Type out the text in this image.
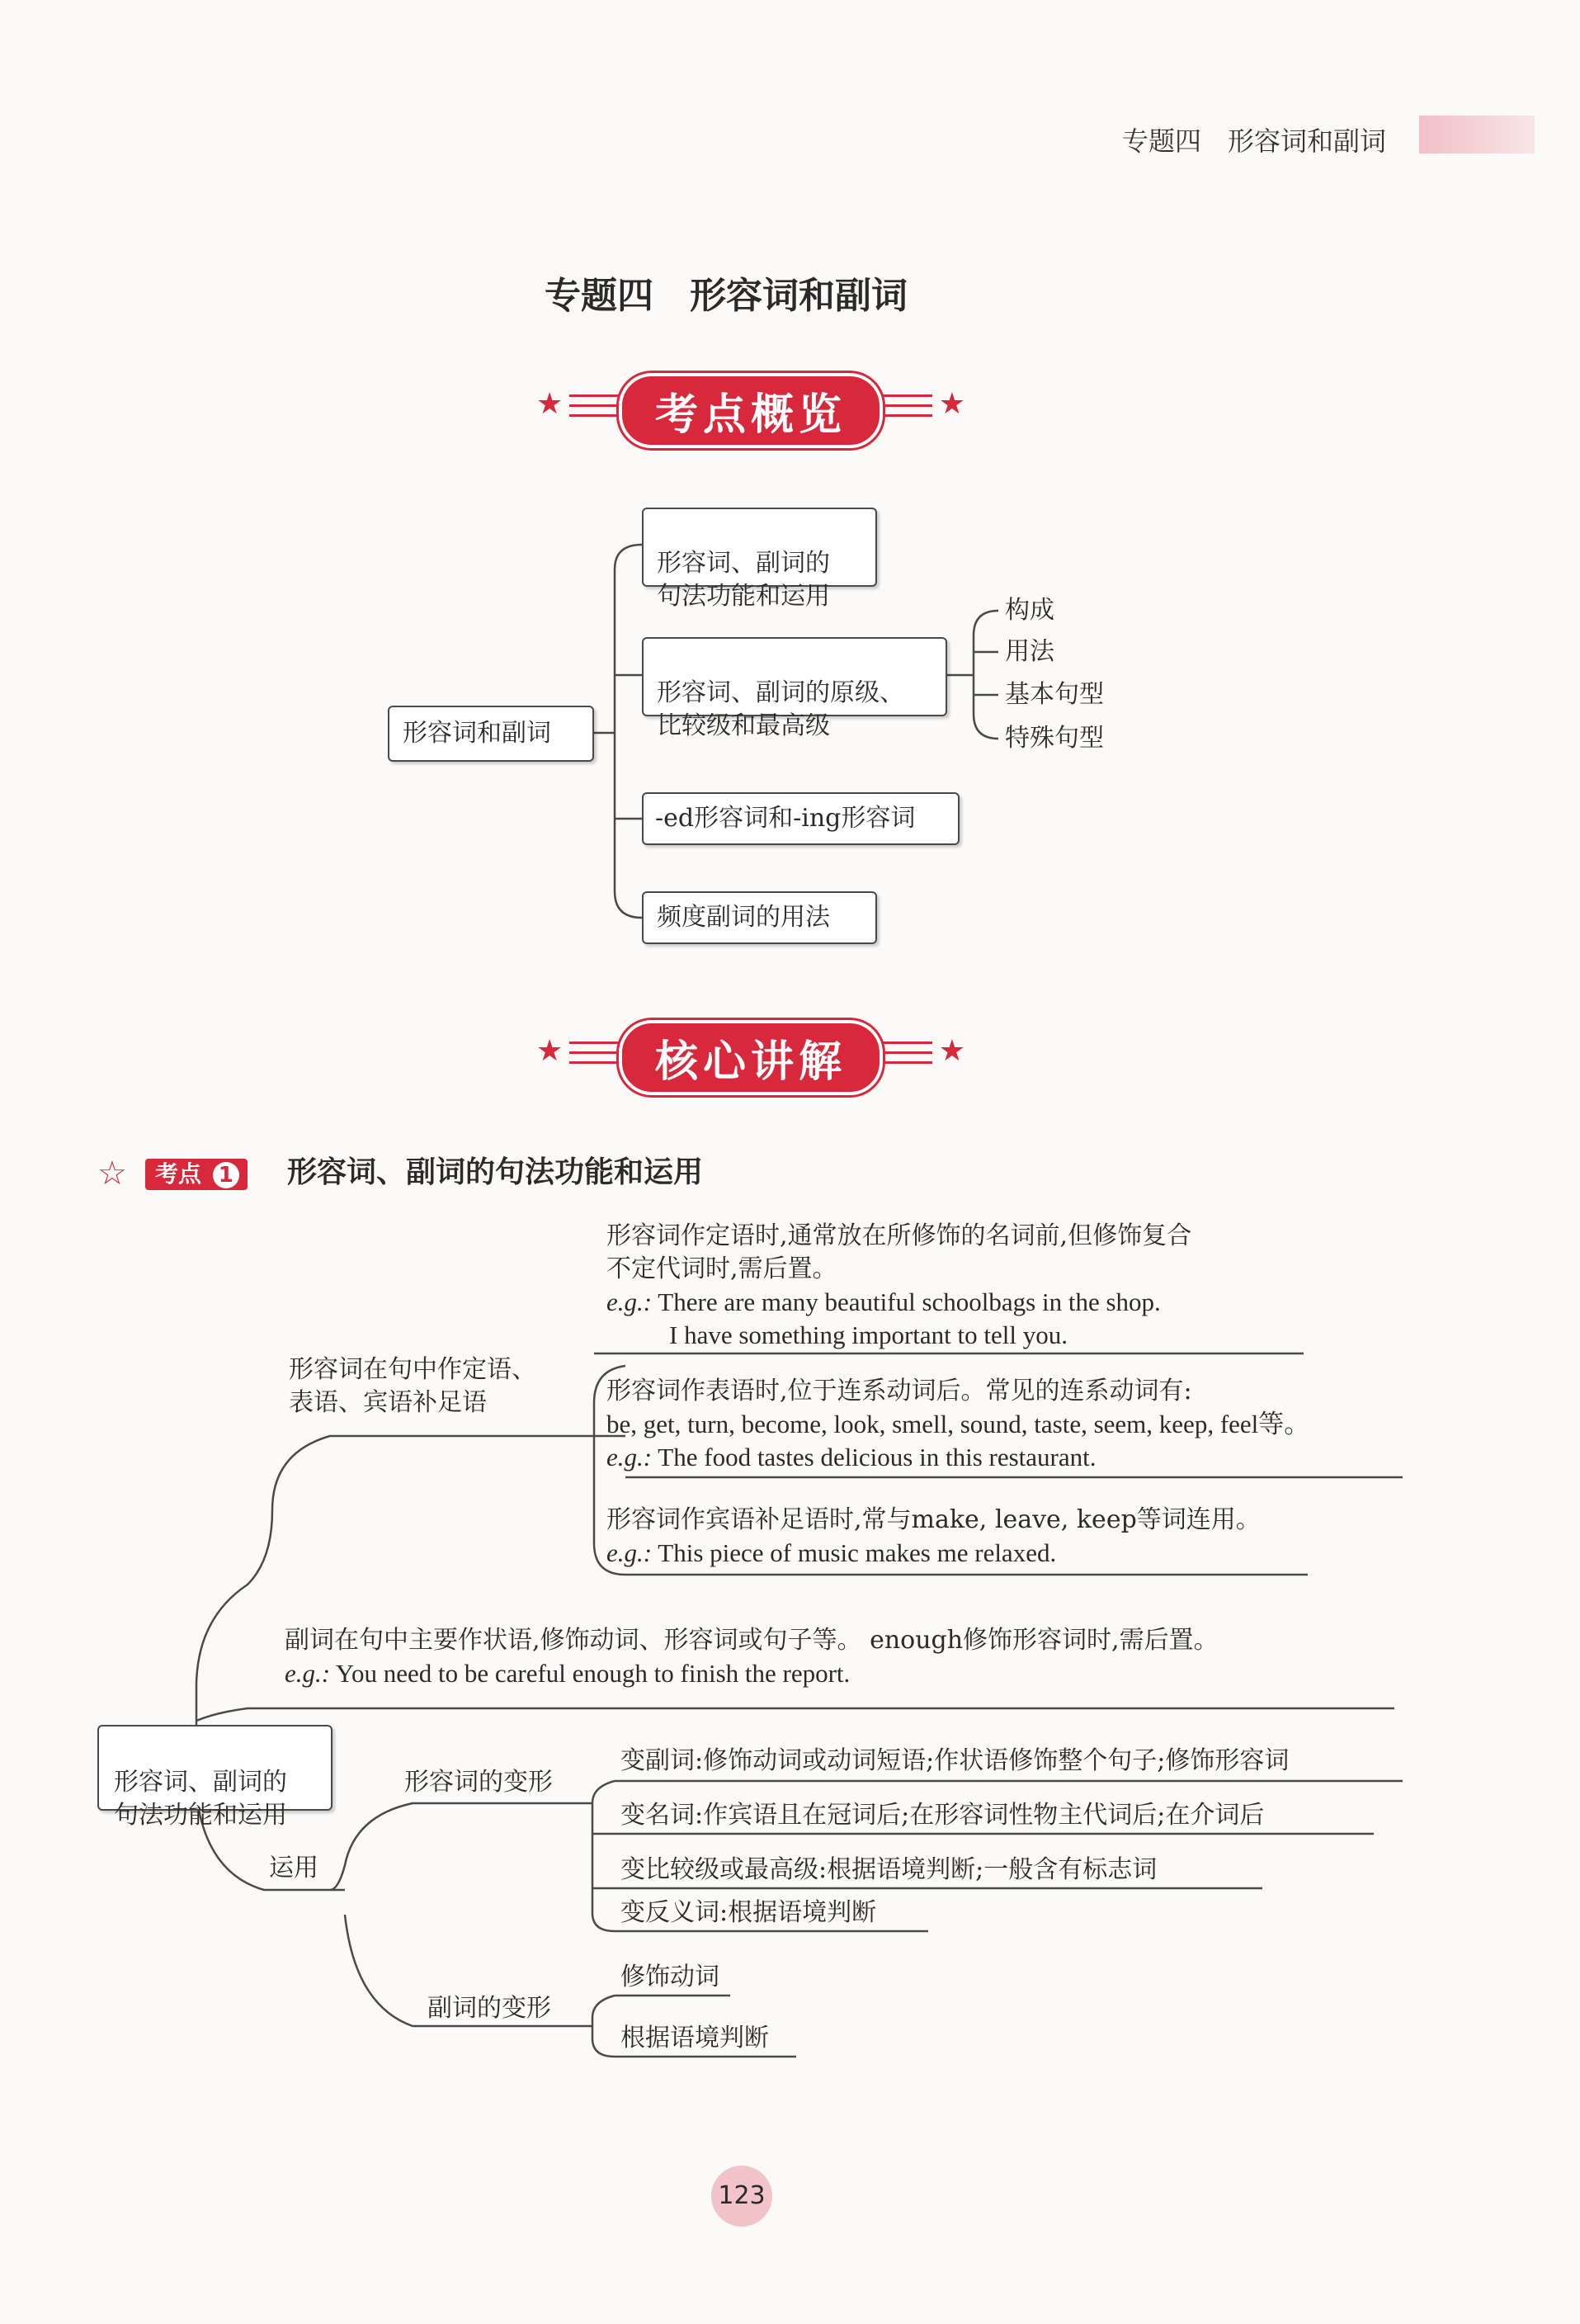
专题四　形容词和副词
专题四　形容词和副词
★	★
考点概览
形容词和副词

形容词、副词的
句法功能和运用

形容词、副词的原级、
比较级和最高级

-ed形容词和-ing形容词
频度副词的用法
构成
用法
基本句型
特殊句型
★	★
核心讲解
☆	考点 1	形容词、副词的句法功能和运用

形容词、副词的
句法功能和运用

形容词在句中作定语、
表语、宾语补足语
形容词作定语时,通常放在所修饰的名词前,但修饰复合
不定代词时,需后置。
e.g.: There are many beautiful schoolbags in the shop.
I have something important to tell you.
形容词作表语时,位于连系动词后。常见的连系动词有:
be, get, turn, become, look, smell, sound, taste, seem, keep, feel等。
e.g.: The food tastes delicious in this restaurant.
形容词作宾语补足语时,常与make, leave, keep等词连用。
e.g.: This piece of music makes me relaxed.
副词在句中主要作状语,修饰动词、形容词或句子等。 enough修饰形容词时,需后置。
e.g.: You need to be careful enough to finish the report.
运用
形容词的变形
变副词:修饰动词或动词短语;作状语修饰整个句子;修饰形容词
变名词:作宾语且在冠词后;在形容词性物主代词后;在介词后
变比较级或最高级:根据语境判断;一般含有标志词
变反义词:根据语境判断
副词的变形
修饰动词
根据语境判断
123
